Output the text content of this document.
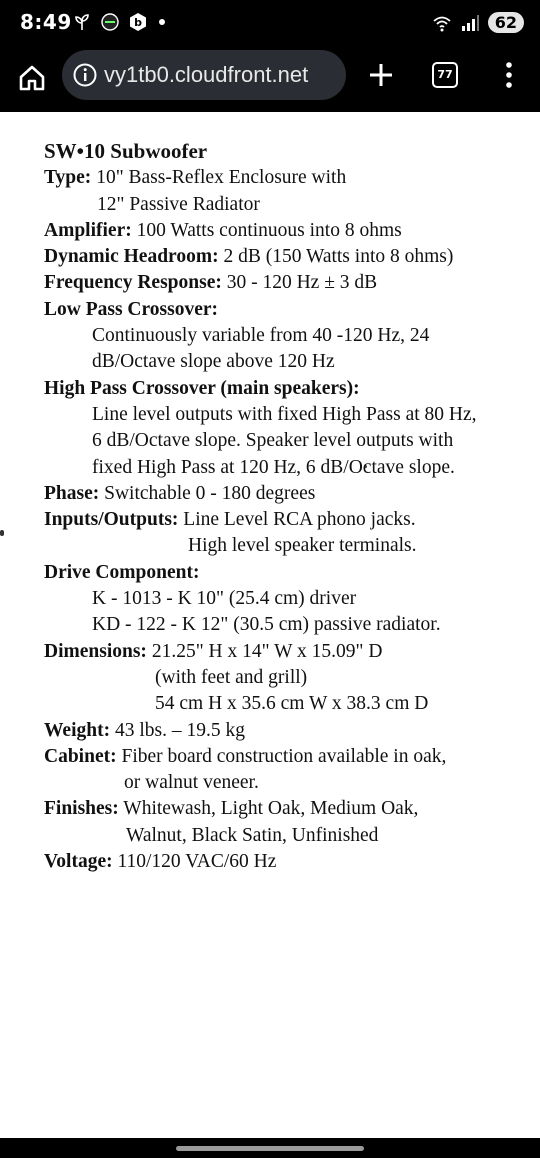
8:49	b	62
vy1tb0.cloudfront.net	77
SW•10 Subwoofer
Type: 10" Bass-Reflex Enclosure with
12" Passive Radiator
Amplifier: 100 Watts continuous into 8 ohms
Dynamic Headroom: 2 dB (150 Watts into 8 ohms)
Frequency Response: 30 - 120 Hz ± 3 dB
Low Pass Crossover:
Continuously variable from 40 -120 Hz, 24
dB/Octave slope above 120 Hz
High Pass Crossover (main speakers):
Line level outputs with fixed High Pass at 80 Hz,
6 dB/Octave slope. Speaker level outputs with
fixed High Pass at 120 Hz, 6 dB/Octave slope.
Phase: Switchable 0 - 180 degrees
Inputs/Outputs: Line Level RCA phono jacks.
High level speaker terminals.
Drive Component:
K - 1013 - K 10" (25.4 cm) driver
KD - 122 - K 12" (30.5 cm) passive radiator.
Dimensions: 21.25" H x 14" W x 15.09" D
(with feet and grill)
54 cm H x 35.6 cm W x 38.3 cm D
Weight: 43 lbs. – 19.5 kg
Cabinet: Fiber board construction available in oak,
or walnut veneer.
Finishes: Whitewash, Light Oak, Medium Oak,
Walnut, Black Satin, Unfinished
Voltage: 110/120 VAC/60 Hz
